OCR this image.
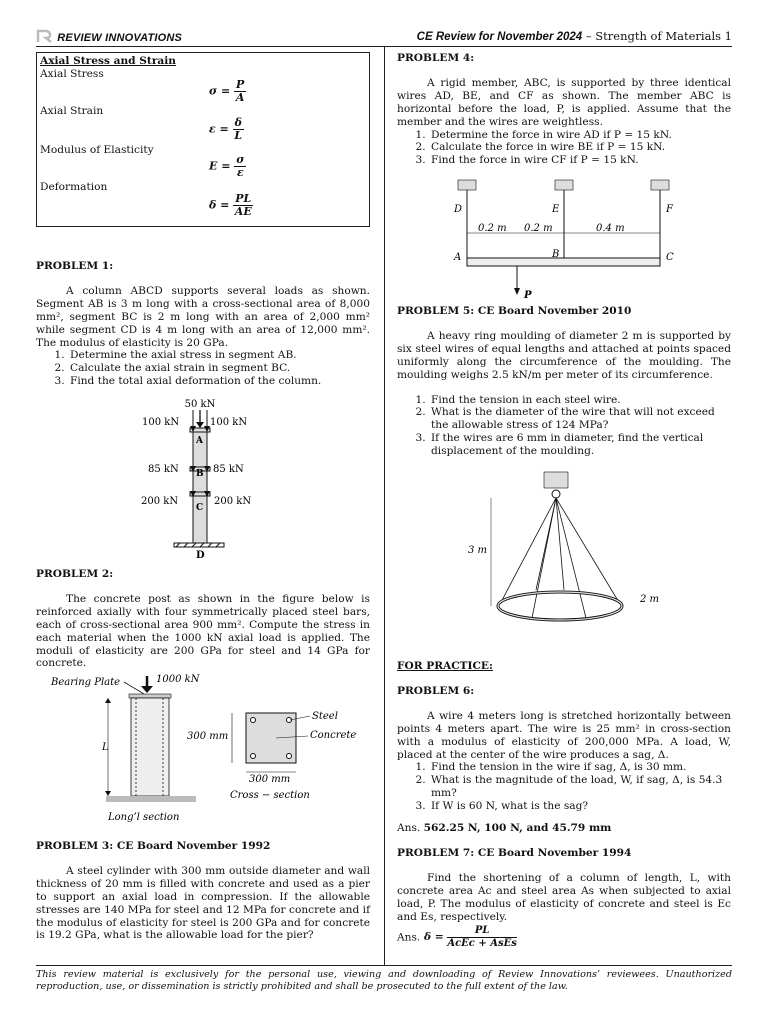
REVIEW INNOVATIONS	CE Review for November 2024 – Strength of Materials 1
Axial Stress and Strain
Axial Stress
$\sigma = \frac{P}{A}$
Axial Strain
$\varepsilon = \frac{\delta}{L}$
Modulus of Elasticity
$E = \frac{\sigma}{\varepsilon}$
Deformation
$\delta = \frac{PL}{AE}$

PROBLEM 1:

A column ABCD supports several loads as shown. Segment AB is 3 m long with a cross-sectional area of 8,000 mm², segment BC is 2 m long with an area of 2,000 mm² while segment CD is 4 m long with an area of 12,000 mm². The modulus of elasticity is 20 GPa.

1. Determine the axial stress in segment AB.
2. Calculate the axial strain in segment BC.
3. Find the total axial deformation of the column.
50 kN
100 kN	100 kN
A
85 kN	85 kN
B
200 kN	200 kN
C
D

PROBLEM 2:

The concrete post as shown in the figure below is reinforced axially with four symmetrically placed steel bars, each of cross-sectional area 900 mm². Compute the stress in each material when the 1000 kN axial load is applied. The moduli of elasticity are 200 GPa for steel and 14 GPa for concrete.

Bearing Plate	1000 kN
L
Long’l section
300 mm
300 mm
Steel
Concrete
Cross − section

PROBLEM 3: CE Board November 1992

A steel cylinder with 300 mm outside diameter and wall thickness of 20 mm is filled with concrete and used as a pier to support an axial load in compression. If the allowable stresses are 140 MPa for steel and 12 MPa for concrete and if the modulus of elasticity for steel is 200 GPa and for concrete is 19.2 GPa, what is the allowable load for the pier?

PROBLEM 4:

A rigid member, ABC, is supported by three identical wires AD, BE, and CF as shown. The member ABC is horizontal before the load, P, is applied. Assume that the member and the wires are weightless.

1. Determine the force in wire AD if P = 15 kN.
2. Calculate the force in wire BE if P = 15 kN.
3. Find the force in wire CF if P = 15 kN.
D	E	F
0.2 m 0.2 m	0.4 m
A	B	C
P

PROBLEM 5: CE Board November 2010

A heavy ring moulding of diameter 2 m is supported by six steel wires of equal lengths and attached at points spaced uniformly along the circumference of the moulding. The moulding weighs 2.5 kN/m per meter of its circumference.

1. Find the tension in each steel wire.
2. What is the diameter of the wire that will not exceed the allowable stress of 124 MPa?
3. If the wires are 6 mm in diameter, find the vertical displacement of the moulding.
3 m
2 m

FOR PRACTICE:

PROBLEM 6:

A wire 4 meters long is stretched horizontally between points 4 meters apart. The wire is 25 mm² in cross-section with a modulus of elasticity of 200,000 MPa. A load, W, placed at the center of the wire produces a sag, Δ.

1. Find the tension in the wire if sag, Δ, is 30 mm.
2. What is the magnitude of the load, W, if sag, Δ, is 54.3 mm?
3. If W is 60 N, what is the sag?

Ans. 562.25 N, 100 N, and 45.79 mm

PROBLEM 7: CE Board November 1994

Find the shortening of a column of length, L, with concrete area Ac and steel area As when subjected to axial load, P. The modulus of elasticity of concrete and steel is Ec and Es, respectively.

Ans. $\delta = \frac{PL}{\text{AcEc + AsEs}}$

This review material is exclusively for the personal use, viewing and downloading of Review Innovations’ reviewees. Unauthorized reproduction, use, or dissemination is strictly prohibited and shall be prosecuted to the full extent of the law.
